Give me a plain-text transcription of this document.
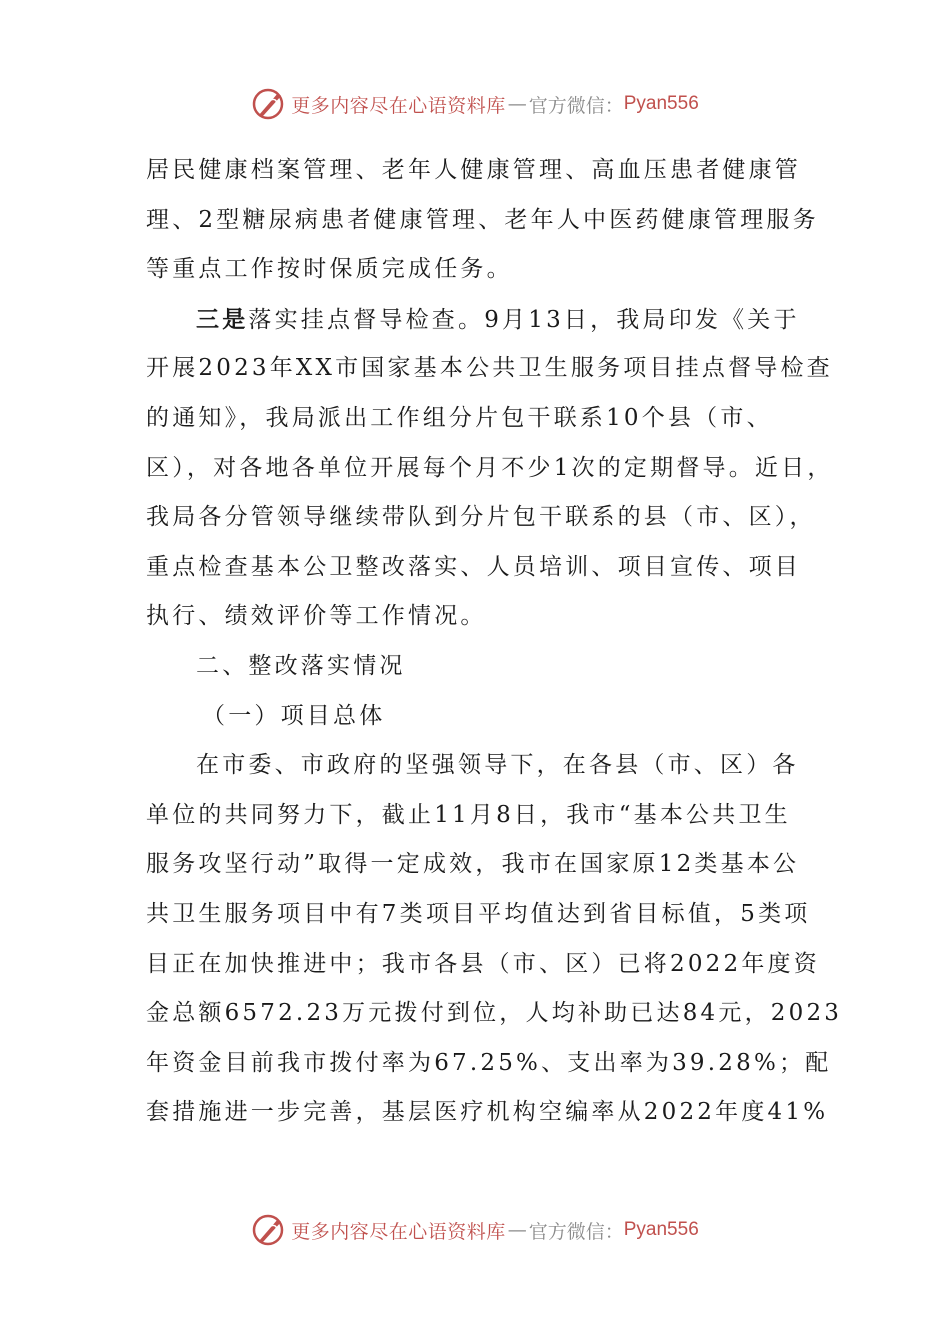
更多内容尽在心语资料库 — 官方微信： Pyan556
居民健康档案管理、老年人健康管理、高血压患者健康管
理、2型糖尿病患者健康管理、老年人中医药健康管理服务
等重点工作按时保质完成任务。
三是落实挂点督导检查。9月13日，我局印发《关于
开展2023年XX市国家基本公共卫生服务项目挂点督导检查
的通知》，我局派出工作组分片包干联系10个县（市、
区），对各地各单位开展每个月不少1次的定期督导。近日，
我局各分管领导继续带队到分片包干联系的县（市、区），
重点检查基本公卫整改落实、人员培训、项目宣传、项目
执行、绩效评价等工作情况。
二、整改落实情况
（一）项目总体
在市委、市政府的坚强领导下，在各县（市、区）各
单位的共同努力下，截止11月8日，我市“基本公共卫生
服务攻坚行动”取得一定成效，我市在国家原12类基本公
共卫生服务项目中有7类项目平均值达到省目标值，5类项
目正在加快推进中；我市各县（市、区）已将2022年度资
金总额6572.23万元拨付到位，人均补助已达84元，2023
年资金目前我市拨付率为67.25%、支出率为39.28%；配
套措施进一步完善，基层医疗机构空编率从2022年度41%
更多内容尽在心语资料库 — 官方微信： Pyan556
